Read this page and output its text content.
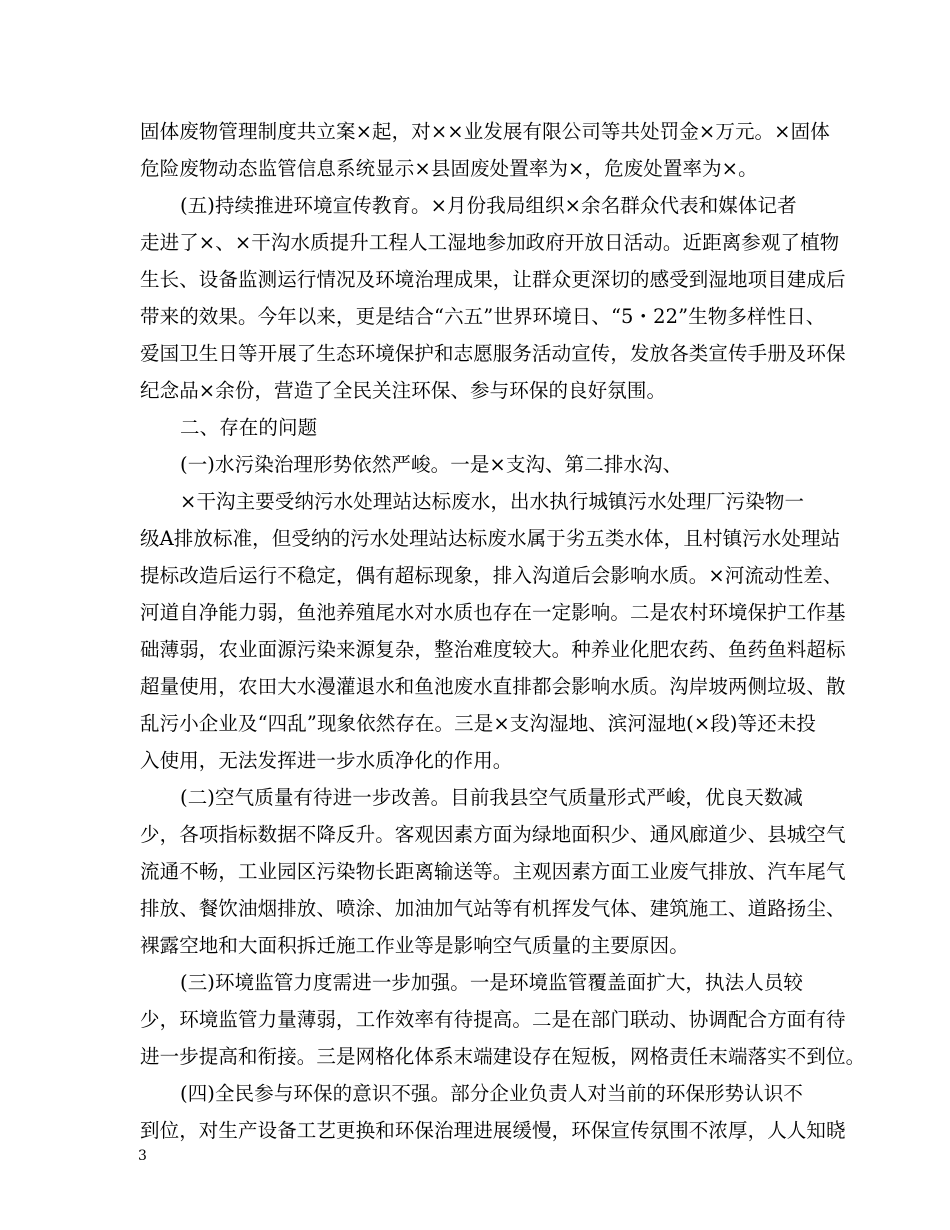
固体废物管理制度共立案×起，对××业发展有限公司等共处罚金×万元。×固体
危险废物动态监管信息系统显示×县固废处置率为×，危废处置率为×。
(五)持续推进环境宣传教育。×月份我局组织×余名群众代表和媒体记者
走进了×、×干沟水质提升工程人工湿地参加政府开放日活动。近距离参观了植物
生长、设备监测运行情况及环境治理成果，让群众更深切的感受到湿地项目建成后
带来的效果。今年以来，更是结合“六五”世界环境日、“5・22”生物多样性日、
爱国卫生日等开展了生态环境保护和志愿服务活动宣传，发放各类宣传手册及环保
纪念品×余份，营造了全民关注环保、参与环保的良好氛围。
二、存在的问题
(一)水污染治理形势依然严峻。一是×支沟、第二排水沟、
×干沟主要受纳污水处理站达标废水，出水执行城镇污水处理厂污染物一
级A排放标准，但受纳的污水处理站达标废水属于劣五类水体，且村镇污水处理站
提标改造后运行不稳定，偶有超标现象，排入沟道后会影响水质。×河流动性差、
河道自净能力弱，鱼池养殖尾水对水质也存在一定影响。二是农村环境保护工作基
础薄弱，农业面源污染来源复杂，整治难度较大。种养业化肥农药、鱼药鱼料超标
超量使用，农田大水漫灌退水和鱼池废水直排都会影响水质。沟岸坡两侧垃圾、散
乱污小企业及“四乱”现象依然存在。三是×支沟湿地、滨河湿地(×段)等还未投
入使用，无法发挥进一步水质净化的作用。
(二)空气质量有待进一步改善。目前我县空气质量形式严峻，优良天数减
少，各项指标数据不降反升。客观因素方面为绿地面积少、通风廊道少、县城空气
流通不畅，工业园区污染物长距离输送等。主观因素方面工业废气排放、汽车尾气
排放、餐饮油烟排放、喷涂、加油加气站等有机挥发气体、建筑施工、道路扬尘、
裸露空地和大面积拆迁施工作业等是影响空气质量的主要原因。
(三)环境监管力度需进一步加强。一是环境监管覆盖面扩大，执法人员较
少，环境监管力量薄弱，工作效率有待提高。二是在部门联动、协调配合方面有待
进一步提高和衔接。三是网格化体系末端建设存在短板，网格责任末端落实不到位。
(四)全民参与环保的意识不强。部分企业负责人对当前的环保形势认识不
到位，对生产设备工艺更换和环保治理进展缓慢，环保宣传氛围不浓厚，人人知晓
3
